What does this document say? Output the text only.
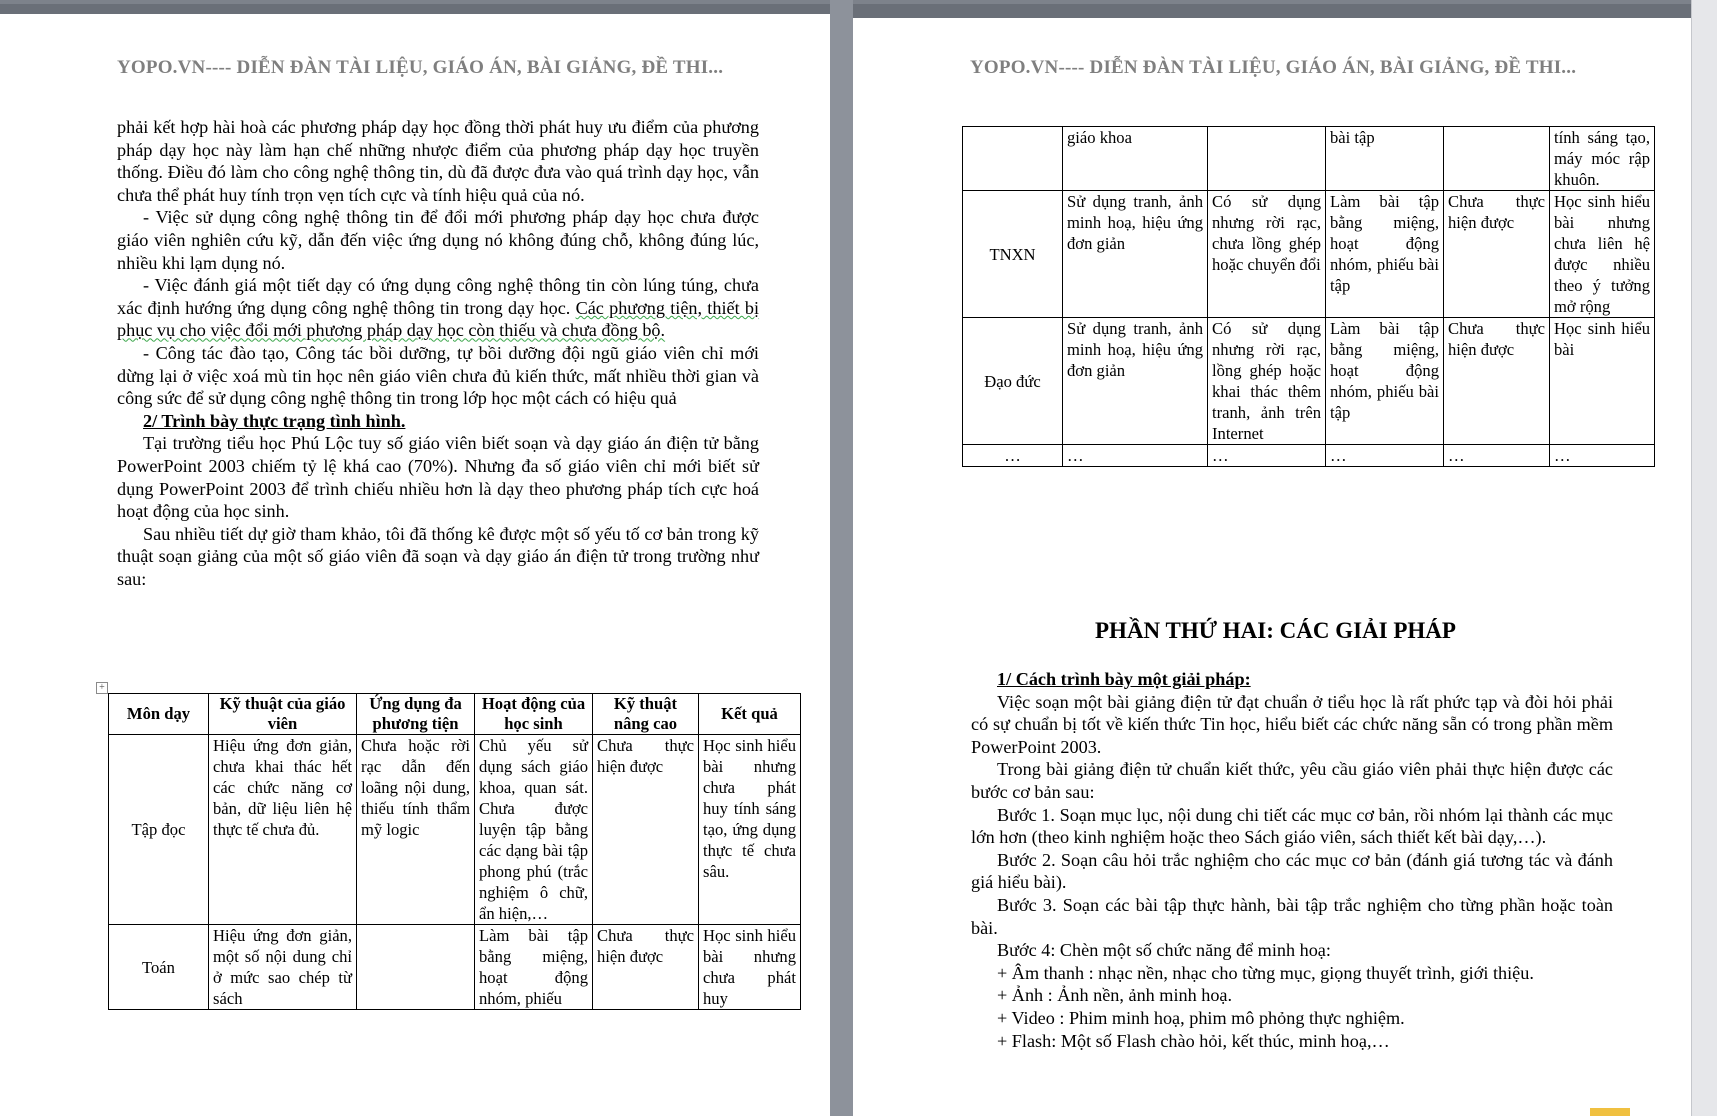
YOPO.VN---- DIỄN ĐÀN TÀI LIỆU, GIÁO ÁN, BÀI GIẢNG, ĐỀ THI...

phải kết hợp hài hoà các phương pháp dạy học đồng thời phát huy ưu điểm của phương pháp dạy học này làm hạn chế những nhược điểm của phương pháp dạy học truyền thống. Điều đó làm cho công nghệ thông tin, dù đã được đưa vào quá trình dạy học, vẫn chưa thể phát huy tính trọn vẹn tích cực và tính hiệu quả của nó.

- Việc sử dụng công nghệ thông tin để đổi mới phương pháp dạy học chưa được giáo viên nghiên cứu kỹ, dẫn đến việc ứng dụng nó không đúng chỗ, không đúng lúc, nhiều khi lạm dụng nó.

- Việc đánh giá một tiết dạy có ứng dụng công nghệ thông tin còn lúng túng, chưa xác định hướng ứng dụng công nghệ thông tin trong dạy học. Các phương tiện, thiết bị phục vụ cho việc đổi mới phương pháp dạy học còn thiếu và chưa đồng bộ.

- Công tác đào tạo, Công tác bồi dưỡng, tự bồi dưỡng đội ngũ giáo viên chỉ mới dừng lại ở việc xoá mù tin học nên giáo viên chưa đủ kiến thức, mất nhiều thời gian và công sức để sử dụng công nghệ thông tin trong lớp học một cách có hiệu quả

2/ Trình bày thực trạng tình hình.

Tại trường tiểu học Phú Lộc tuy số giáo viên biết soạn và dạy giáo án điện tử bằng PowerPoint 2003 chiếm tỷ lệ khá cao (70%). Nhưng đa số giáo viên chỉ mới biết sử dụng PowerPoint 2003 để trình chiếu nhiều hơn là dạy theo phương pháp tích cực hoá hoạt động của học sinh.

Sau nhiều tiết dự giờ tham khảo, tôi đã thống kê được một số yếu tố cơ bản trong kỹ thuật soạn giảng của một số giáo viên đã soạn và dạy giáo án điện tử trong trường như sau:

+
Môn dạy	Kỹ thuật của giáo viên	Ứng dụng đa phương tiện	Hoạt động của học sinh	Kỹ thuật nâng cao	Kết quả
Tập đọc	Hiệu ứng đơn giản, chưa khai thác hết các chức năng cơ bản, dữ liệu liên hệ thực tế chưa đủ.	Chưa hoặc rời rạc dẫn đến loãng nội dung, thiếu tính thẩm mỹ logic	Chủ yếu sử dụng sách giáo khoa, quan sát. Chưa được luyện tập bằng các dạng bài tập phong phú (trắc nghiệm ô chữ, ẩn hiện,…	Chưa thực hiện được	Học sinh hiểu bài nhưng chưa phát huy tính sáng tạo, ứng dụng thực tế chưa sâu.
Toán	Hiệu ứng đơn giản, một số nội dung chỉ ở mức sao chép từ sách		Làm bài tập bằng miệng, hoạt động nhóm, phiếu	Chưa thực hiện được	Học sinh hiểu bài nhưng chưa phát huy
YOPO.VN---- DIỄN ĐÀN TÀI LIỆU, GIÁO ÁN, BÀI GIẢNG, ĐỀ THI...
	giáo khoa		bài tập		tính sáng tạo, máy móc rập khuôn.
TNXN	Sử dụng tranh, ảnh minh hoạ, hiệu ứng đơn giản	Có sử dụng nhưng rời rạc, chưa lồng ghép hoặc chuyển đổi	Làm bài tập bằng miệng, hoạt động nhóm, phiếu bài tập	Chưa thực hiện được	Học sinh hiểu bài nhưng chưa liên hệ được nhiều theo ý tưởng mở rộng
Đạo đức	Sử dụng tranh, ảnh minh hoạ, hiệu ứng đơn giản	Có sử dụng nhưng rời rạc, lồng ghép hoặc khai thác thêm tranh, ảnh trên Internet	Làm bài tập bằng miệng, hoạt động nhóm, phiếu bài tập	Chưa thực hiện được	Học sinh hiểu bài
…	…	…	…	…	…
PHẦN THỨ HAI: CÁC GIẢI PHÁP

1/ Cách trình bày một giải pháp:

Việc soạn một bài giảng điện tử đạt chuẩn ở tiểu học là rất phức tạp và đòi hỏi phải có sự chuẩn bị tốt về kiến thức Tin học, hiểu biết các chức năng sẵn có trong phần mềm PowerPoint 2003.

Trong bài giảng điện tử chuẩn kiết thức, yêu cầu giáo viên phải thực hiện được các bước cơ bản sau:

Bước 1. Soạn mục lục, nội dung chi tiết các mục cơ bản, rồi nhóm lại thành các mục lớn hơn (theo kinh nghiệm hoặc theo Sách giáo viên, sách thiết kết bài dạy,…).

Bước 2. Soạn câu hỏi trắc nghiệm cho các mục cơ bản (đánh giá tương tác và đánh giá hiểu bài).

Bước 3. Soạn các bài tập thực hành, bài tập trắc nghiệm cho từng phần hoặc toàn bài.

Bước 4: Chèn một số chức năng để minh hoạ:

+ Âm thanh : nhạc nền, nhạc cho từng mục, giọng thuyết trình, giới thiệu.

+ Ảnh : Ảnh nền, ảnh minh hoạ.

+ Video : Phim minh hoạ, phim mô phỏng thực nghiệm.

+ Flash: Một số Flash chào hỏi, kết thúc, minh hoạ,…
